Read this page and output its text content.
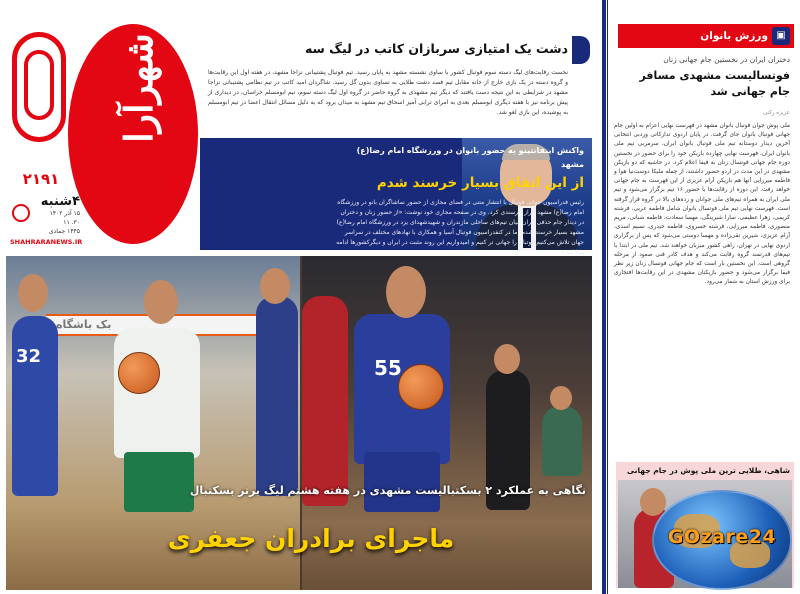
شهرآرا
۲۱۹۱
۴شنبه
۱۵ آذر ۱۴۰۲
۳۰. ۱۱
۱۴۴۵ جمادی
SHAHRARANEWS.IR
دشت یک امتیازی سربازان کاتب در لیگ سه
نخست رقابت‌های لیگ دسته سوم فوتبال کشور با ساوی نشسته مشهد به پایان رسید. تیم فوتبال پشتیبانی نزاجا مشهد، در هفته اول این رقابت‌ها و گروه دسته در یک بازی خارج از خانه مقابل تیم فصد دشت طلایی به تساوی بدون گل رسید. شاگردان امید کاتب در تیم نظامی پشتیبانی نزاجا مشهد در شرایطی به این نتیجه دست یافتند که دیگر تیم مشهدی به گروه حاضر در گروه اول لیگ دسته سوم، تیم ابومسلم خراسان، در دیداری از پیش برنامه نیز با هفته دیگری ابومسلم بعدی به امرای ترابی آمیز اسحاق تیم مشهد به میدان برود که به دلیل مسائل انتقال اعضا در تیم ابومسلم به پوشیده، این بازی لغو شد.
واکنش اینفانتینو به حضور بانوان در ورزشگاه امام رضا(ع) مشهد
از این اتفاق بسیار خرسند شدم
رئیس فدراسیون جهانی فوتبال با انتشار متنی در فضای مجازی از حضور تماشاگران بانو در ورزشگاه امام رضا(ع) مشهد ابراز خرسندی کرد. وی در صفحه مجازی خود نوشت: «از حضور زنان و دختران در دیدار جام حذفی ایران میان تیم‌های ساحلی مازندران و شهیدشهدای یزد در ورزشگاه امام رضا(ع) مشهد بسیار خرسند شدم. ما در کنفدراسیون فوتبال آسیا و همکاری با نهادهای مختلف در سراسر جهان تلاش می‌کنیم فوتبال را جهانی تر کنیم و امیدواریم این روند مثبت در ایران و دیگرکشورها ادامه پیدا کند.»
بک باشگاه
32	55
نگاهی به عملکرد ۲ بسکتبالیست مشهدی در هفته هشتم لیگ برتر بسکتبال
ماجرای برادران جعفری
▣
ورزش بانوان
دختران ایران در نخستین جام جهانی زنان
فوتسالیست مشهدی مسافر جام جهانی شد
عزیزه رکنی
ملی پوش جوان فوتبال بانوان مشهد در فهرست نهایی اعزام به اولین جام جهانی فوتبال بانوان جای گرفت. در پایان اردوی تدارکاتی وردبی انتخابی آخرین دیدار دوستانه تیم ملی فوتبال بانوان ایران، سرمربی تیم ملی بانوان ایران، فهرست نهایی چهارده بازیکن خود را برای حضور در نخستین دوره جام جهانی فوتسال زنان به فیفا اعلام کرد. در حاشیه که دو بازیکن مشهدی در این مدت در اردو حضور داشتند، از جمله ملیکا دوست‌نیا هوا و فاطمه میرزایی آنها هم بازیکن آرام عزیزی از این فهرست به جام جهانی خواهد رفت. این دوره از رقابت‌ها با حضور ۱۶ تیم برگزار می‌شود و تیم ملی ایران به همراه تیم‌های ملی جوانان و رده‌های بالا در گروه قرار گرفته است. فهرست نهایی تیم ملی فوتسال بانوان شامل فاطمه عربی، فرشته کریمی، زهرا عظیمی، سارا شیرینگی، مهسا سعادت، فاطمه شبانی، مریم منصوری، فاطمه میرزایی، فرشته خسروی، فاطمه حیدری، نسیم اسدی، آرام عزیزی، شیرین تقی‌زاده و مهسا دوستی می‌شود که پس از برگزاری اردوی نهایی در تهران، راهی کشور میزبان خواهند شد. تیم ملی در ابتدا با تیم‌های قدرتمند گروه رقابت می‌کند و هدف کادر فنی صعود از مرحله گروهی است. این نخستین بار است که جام جهانی فوتسال زنان زیر نظر فیفا برگزار می‌شود و حضور بازیکنان مشهدی در این رقابت‌ها افتخاری برای ورزش استان به شمار می‌رود.
شاهی، طلایی ترین ملی پوش در جام جهانی
GOzare24
